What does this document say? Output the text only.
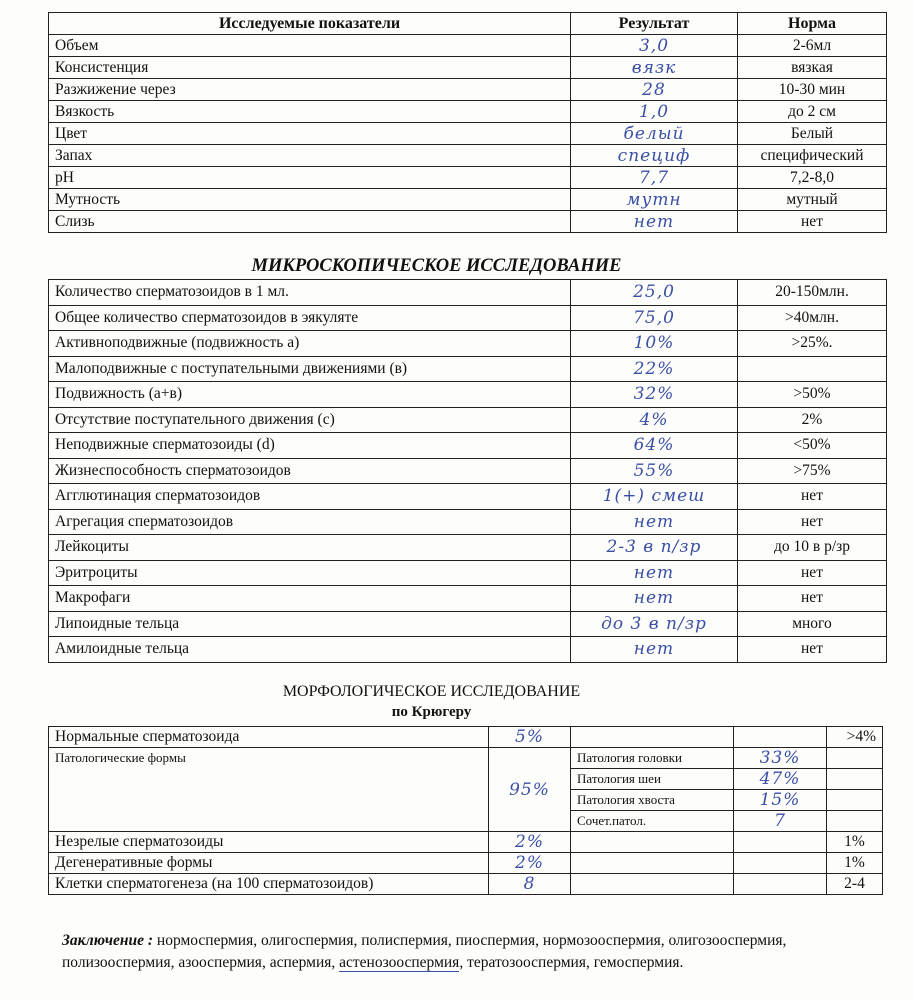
Исследуемые показатели	Результат	Норма
Объем	3,0	2-6мл
Консистенция	вязк	вязкая
Разжижение через	28	10-30 мин
Вязкость	1,0	до 2 см
Цвет	белый	Белый
Запах	специф	специфический
pH	7,7	7,2-8,0
Мутность	мутн	мутный
Слизь	нет	нет
МИКРОСКОПИЧЕСКОЕ ИССЛЕДОВАНИЕ
Количество сперматозоидов в 1 мл.	25,0	20-150млн.
Общее количество сперматозоидов в эякуляте	75,0	>40млн.
Активноподвижные (подвижность а)	10%	>25%.
Малоподвижные с поступательными движениями (в)	22%	
Подвижность (а+в)	32%	>50%
Отсутствие поступательного движения (с)	4%	2%
Неподвижные сперматозоиды (d)	64%	<50%
Жизнеспособность сперматозоидов	55%	>75%
Агглютинация сперматозоидов	1(+) смеш	нет
Агрегация сперматозоидов	нет	нет
Лейкоциты	2-3 в п/зр	до 10 в р/зр
Эритроциты	нет	нет
Макрофаги	нет	нет
Липоидные тельца	до 3 в п/зр	много
Амилоидные тельца	нет	нет
МОРФОЛОГИЧЕСКОЕ ИССЛЕДОВАНИЕ
по Крюгеру
Нормальные сперматозоида	5%			>4%
Патологические формы	95%	Патология головки	33%	
		Патология шеи	47%	
		Патология хвоста	15%	
		Сочет.патол.	7	
Незрелые сперматозоиды	2%			1%
Дегенеративные формы	2%			1%
Клетки сперматогенеза (на 100 сперматозоидов)	8			2-4
Заключение : нормоспермия, олигоспермия, полиспермия, пиоспермия, нормозооспермия, олигозооспермия, полизооспермия, азооспермия, аспермия, астенозооспермия, тератозооспермия, гемоспермия.
